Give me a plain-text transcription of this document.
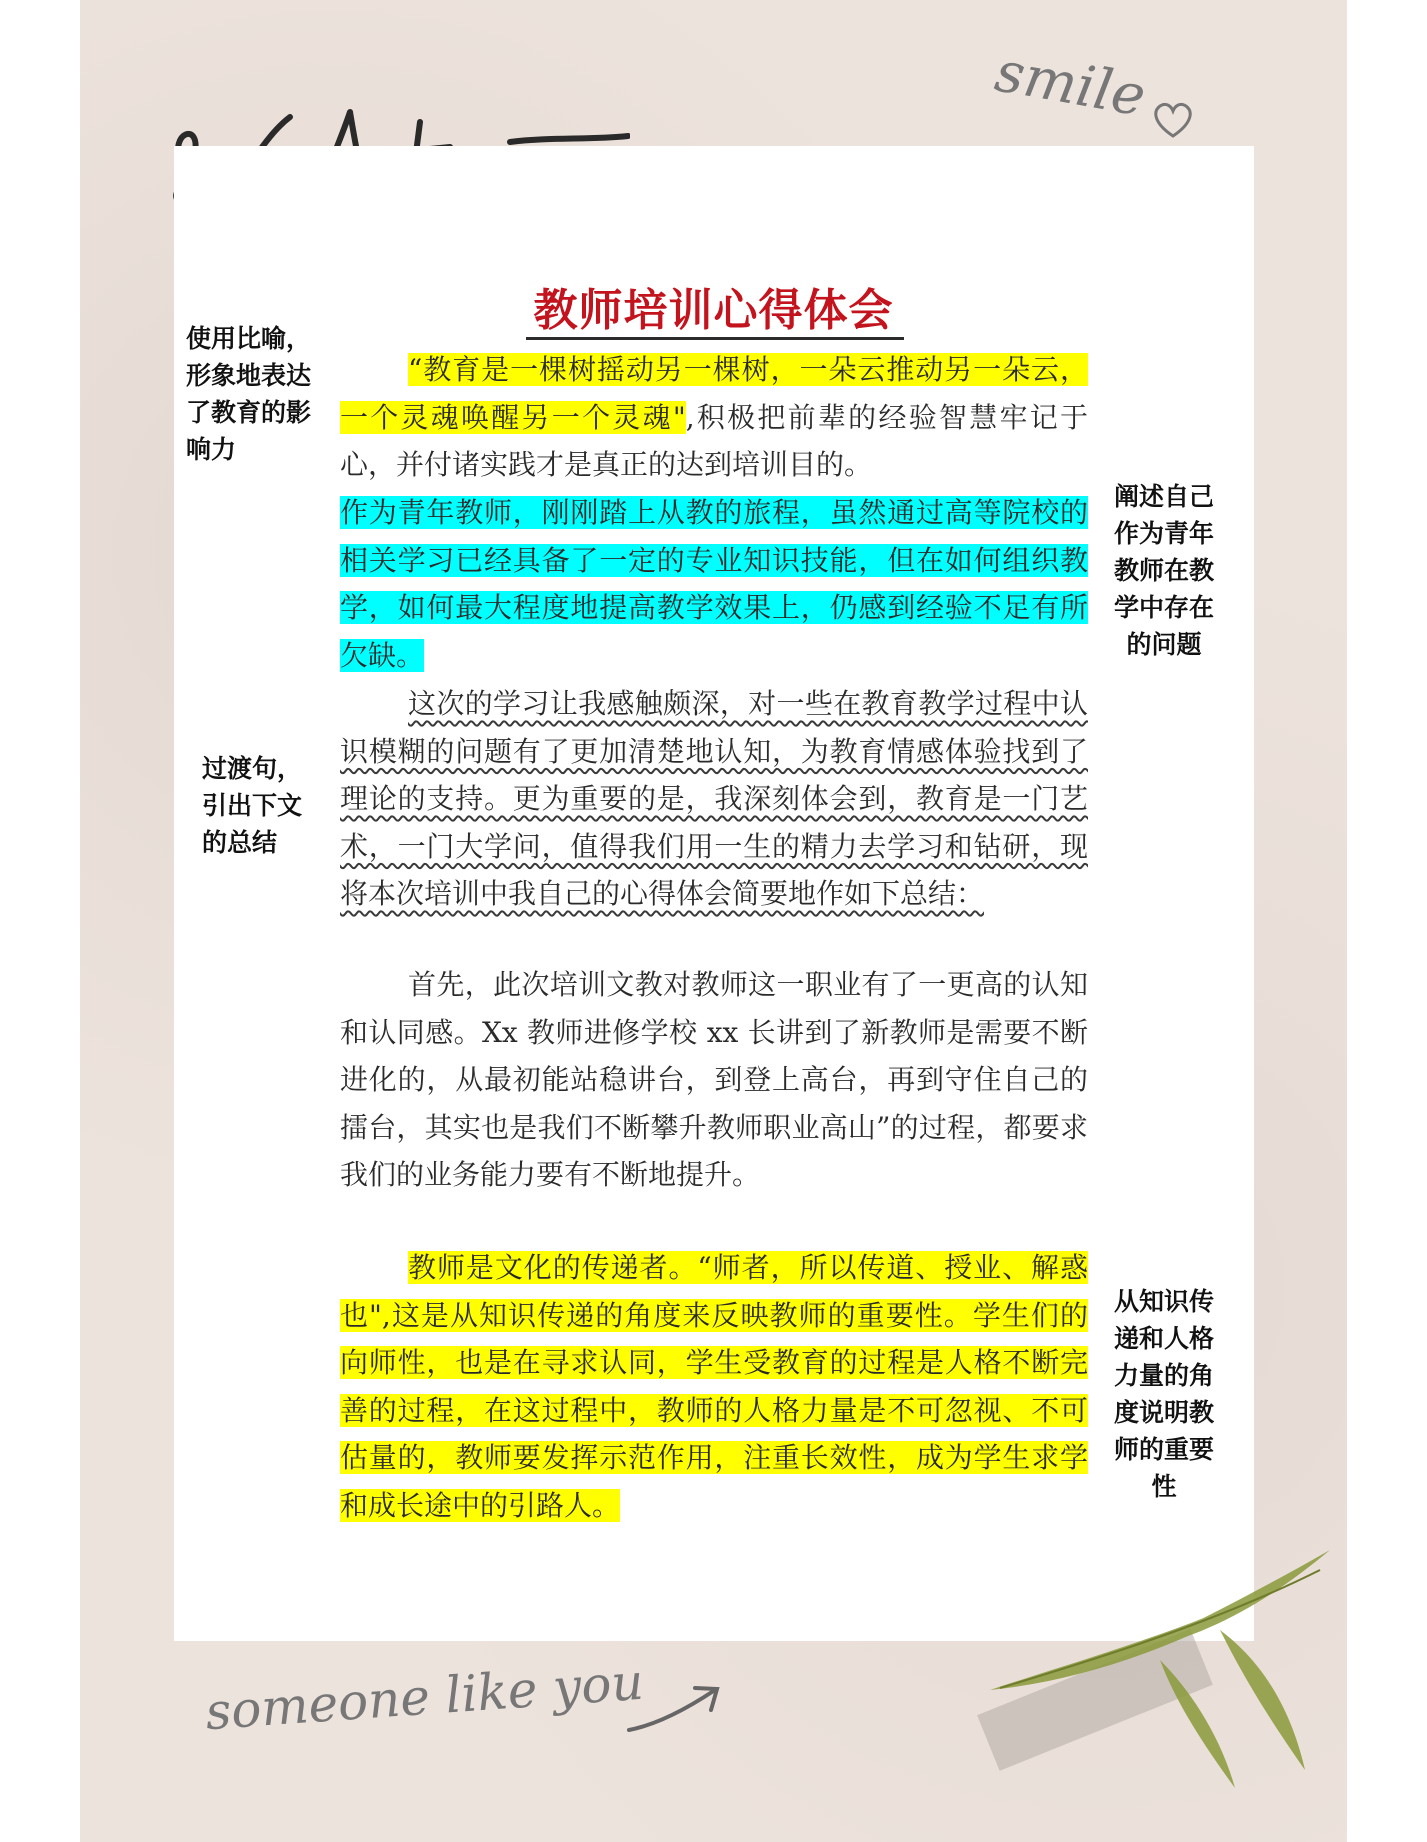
smile
教师培训心得体会

“教育是一棵树摇动另一棵树，一朵云推动另一朵云，一个灵魂唤醒另一个灵魂",积极把前辈的经验智慧牢记于心，并付诸实践才是真正的达到培训目的。

作为青年教师，刚刚踏上从教的旅程，虽然通过高等院校的相关学习已经具备了一定的专业知识技能，但在如何组织教学，如何最大程度地提高教学效果上，仍感到经验不足有所欠缺。

这次的学习让我感触颇深，对一些在教育教学过程中认识模糊的问题有了更加清楚地认知，为教育情感体验找到了理论的支持。更为重要的是，我深刻体会到，教育是一门艺术，一门大学问，值得我们用一生的精力去学习和钻研，现将本次培训中我自己的心得体会简要地作如下总结：

首先，此次培训文教对教师这一职业有了一更高的认知和认同感。Xx 教师进修学校 xx 长讲到了新教师是需要不断进化的，从最初能站稳讲台，到登上高台，再到守住自己的擂台，其实也是我们不断攀升教师职业高山”的过程，都要求我们的业务能力要有不断地提升。

教师是文化的传递者。“师者，所以传道、授业、解惑也",这是从知识传递的角度来反映教师的重要性。学生们的向师性，也是在寻求认同，学生受教育的过程是人格不断完善的过程，在这过程中，教师的人格力量是不可忽视、不可估量的，教师要发挥示范作用，注重长效性，成为学生求学和成长途中的引路人。

使用比喻，形象地表达了教育的影响力

阐述自己作为青年教师在教学中存在的问题

过渡句，引出下文的总结

从知识传递和人格力量的角度说明教师的重要性

someone like you
